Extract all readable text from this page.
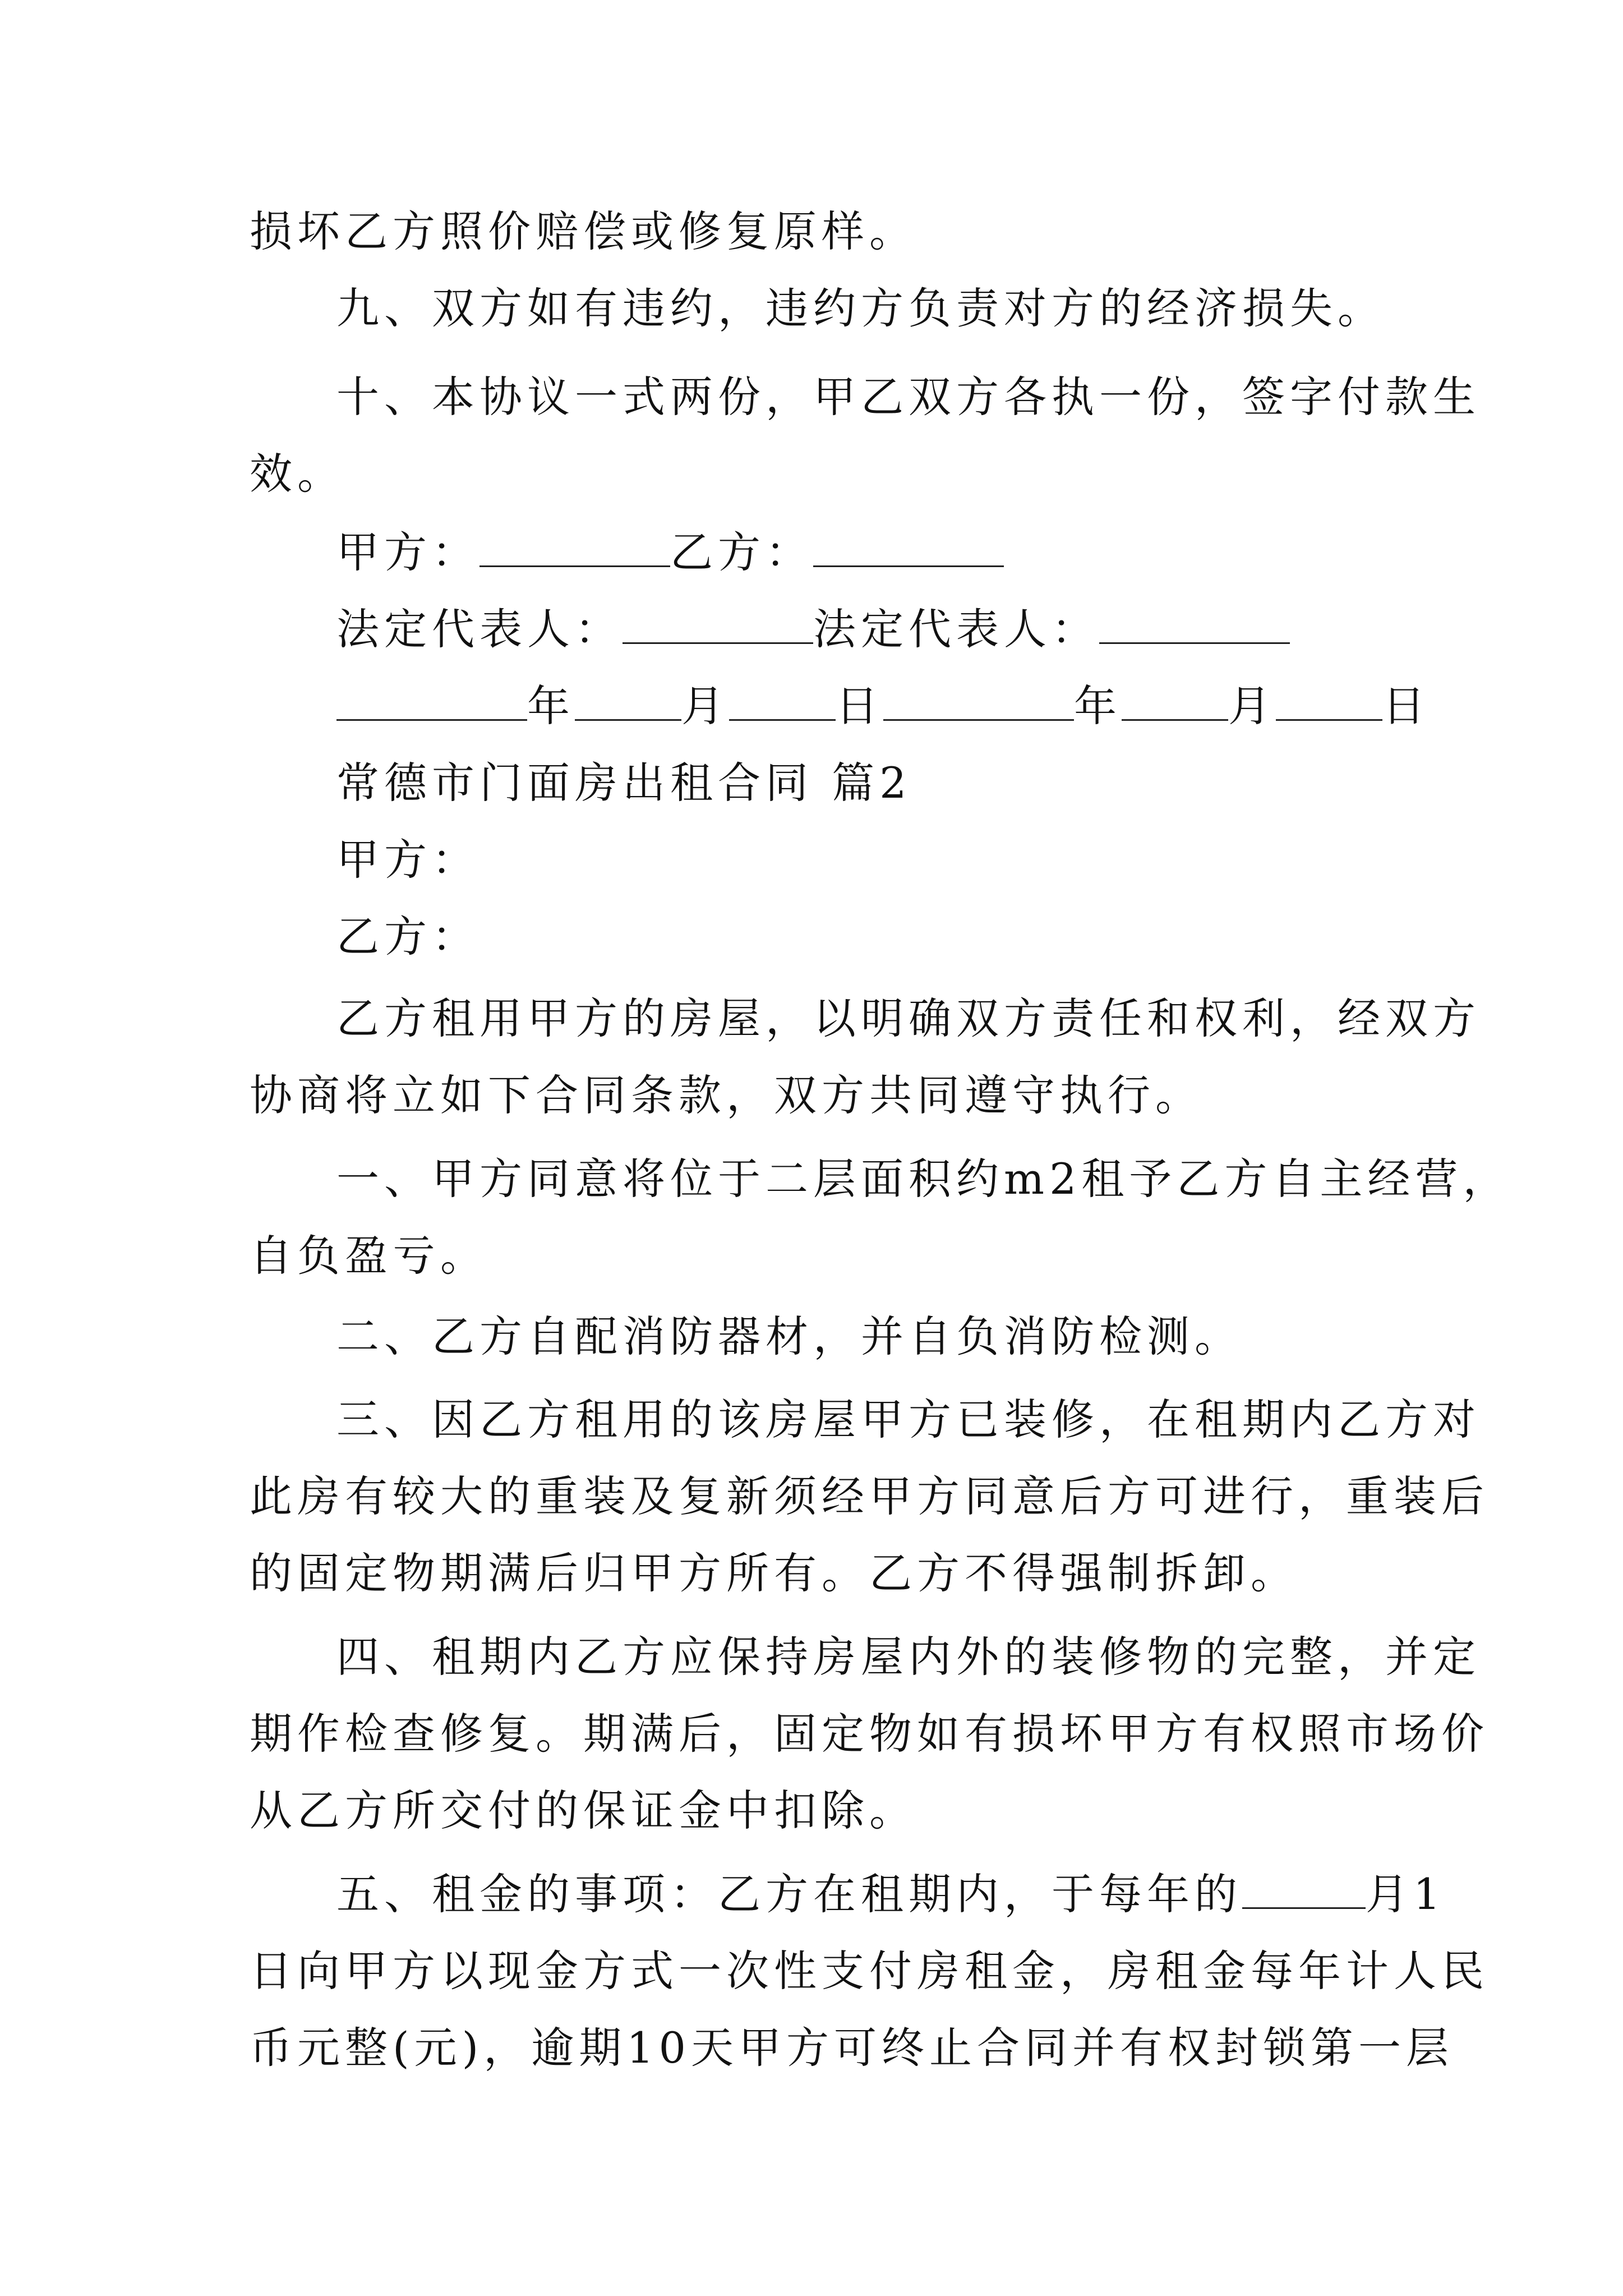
损坏乙方照价赔偿或修复原样。
九、双方如有违约，违约方负责对方的经济损失。
十、本协议一式两份，甲乙双方各执一份，签字付款生
效。
甲方：	乙方：
法定代表人：	法定代表人：
年	月	日	年	月	日
常德市门面房出租合同 篇2
甲方：
乙方：
乙方租用甲方的房屋，以明确双方责任和权利，经双方
协商将立如下合同条款，双方共同遵守执行。
一、甲方同意将位于二层面积约m2租予乙方自主经营，
自负盈亏。
二、乙方自配消防器材，并自负消防检测。
三、因乙方租用的该房屋甲方已装修，在租期内乙方对
此房有较大的重装及复新须经甲方同意后方可进行，重装后
的固定物期满后归甲方所有。乙方不得强制拆卸。
四、租期内乙方应保持房屋内外的装修物的完整，并定
期作检查修复。期满后，固定物如有损坏甲方有权照市场价
从乙方所交付的保证金中扣除。
五、租金的事项：乙方在租期内，于每年的	月1
日向甲方以现金方式一次性支付房租金，房租金每年计人民
币元整(元)，逾期10天甲方可终止合同并有权封锁第一层
